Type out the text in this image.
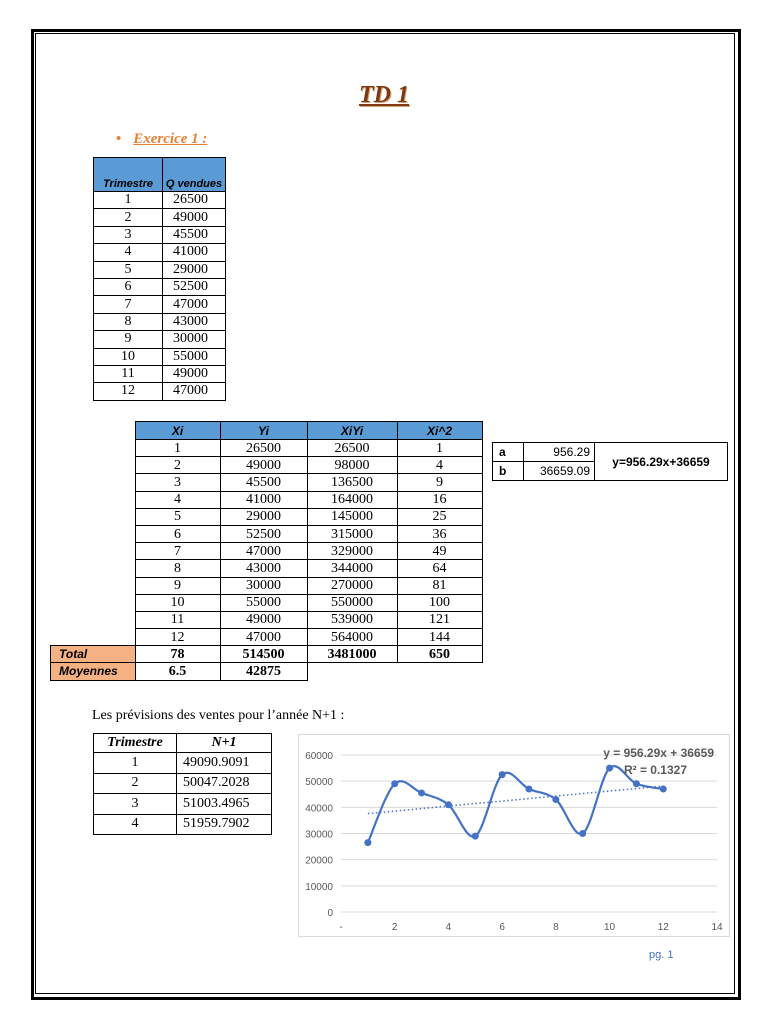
TD 1
• Exercice 1 :
Trimestre	Q vendues
1	26500
2	49000
3	45500
4	41000
5	29000
6	52500
7	47000
8	43000
9	30000
10	55000
11	49000
12	47000
	Xi	Yi	XiYi	Xi^2
	1	26500	26500	1
	2	49000	98000	4
	3	45500	136500	9
	4	41000	164000	16
	5	29000	145000	25
	6	52500	315000	36
	7	47000	329000	49
	8	43000	344000	64
	9	30000	270000	81
	10	55000	550000	100
	11	49000	539000	121
	12	47000	564000	144
Total	78	514500	3481000	650
Moyennes	6.5	42875		
a	956.29	y=956.29x+36659
b	36659.09	
Les prévisions des ventes pour l’année N+1 :
Trimestre	N+1
1	49090.9091
2	50047.2028
3	51003.4965
4	51959.7902
0
10000
20000
30000
40000
50000
60000
-	2	4	6	8	10	12	14
y = 956.29x + 36659
R² = 0.1327
pg. 1
